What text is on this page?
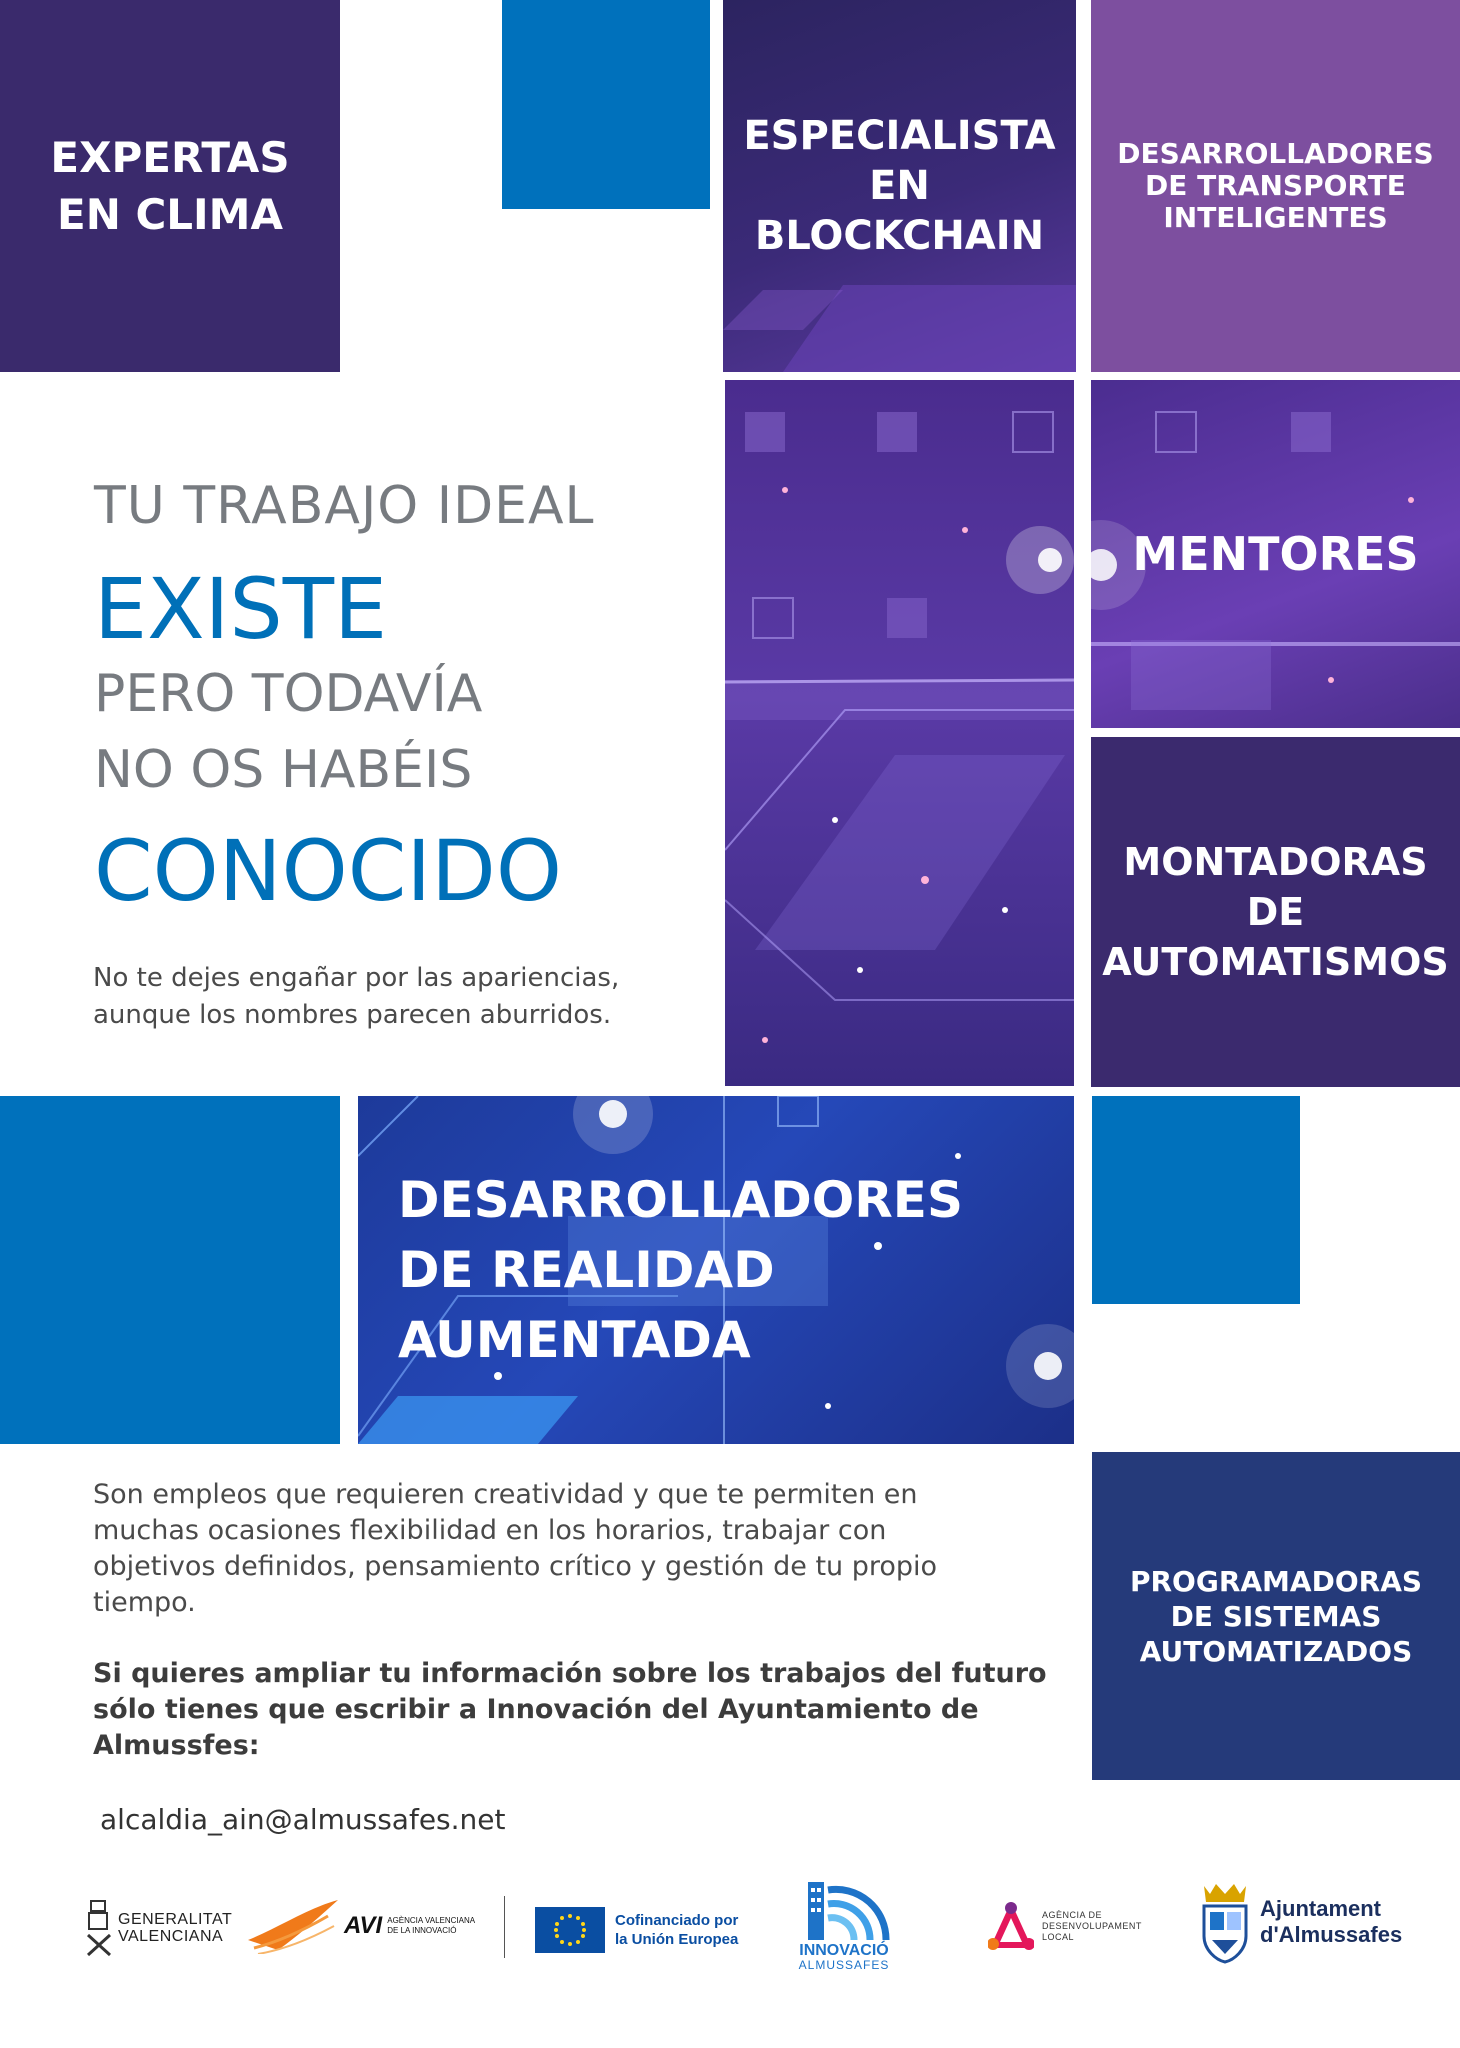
EXPERTAS
EN CLIMA
ESPECIALISTA
EN
BLOCKCHAIN
DESARROLLADORES
DE TRANSPORTE
INTELIGENTES
MENTORES
MONTADORAS
DE
AUTOMATISMOS
TU TRABAJO IDEAL
EXISTE
PERO TODAVÍA
NO OS HABÉIS
CONOCIDO
No te dejes engañar por las apariencias,
aunque los nombres parecen aburridos.
DESARROLLADORES
DE REALIDAD
AUMENTADA
PROGRAMADORAS
DE SISTEMAS
AUTOMATIZADOS
Son empleos que requieren creatividad y que te permiten en
muchas ocasiones flexibilidad en los horarios, trabajar con
objetivos definidos, pensamiento crítico y gestión de tu propio
tiempo.
Si quieres ampliar tu información sobre los trabajos del futuro
sólo tienes que escribir a Innovación del Ayuntamiento de
Almussfes:
alcaldia_ain@almussafes.net
GENERALITAT
VALENCIANA	AVI AGÈNCIA VALENCIANA
DE LA INNOVACIÓ
Cofinanciado por
la Unión Europea
INNOVACIÓ
ALMUSSAFES
AGÈNCIA DE
DESENVOLUPAMENT
LOCAL
Ajuntament
d'Almussafes
